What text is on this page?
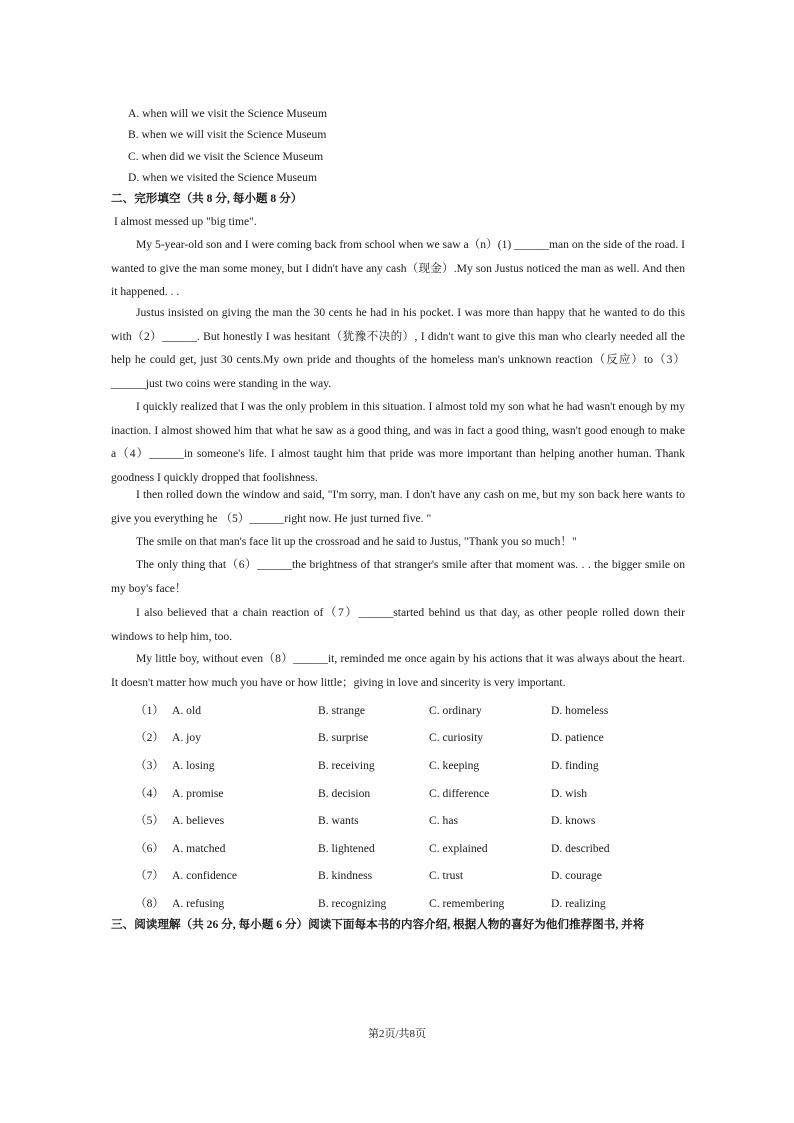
A. when will we visit the Science Museum
B. when we will visit the Science Museum
C. when did we visit the Science Museum
D. when we visited the Science Museum
二、完形填空（共 8 分, 每小题 8 分）

I almost messed up "big time".

My 5-year-old son and I were coming back from school when we saw a（n）(1) ______man on the side of the road. I wanted to give the man some money, but I didn't have any cash（现金）.My son Justus noticed the man as well. And then it happened. . .

Justus insisted on giving the man the 30 cents he had in his pocket. I was more than happy that he wanted to do this with（2）______. But honestly I was hesitant（犹豫不决的）, I didn't want to give this man who clearly needed all the help he could get, just 30 cents.My own pride and thoughts of the homeless man's unknown reaction（反应）to（3）______just two coins were standing in the way.

I quickly realized that I was the only problem in this situation. I almost told my son what he had wasn't enough by my inaction. I almost showed him that what he saw as a good thing, and was in fact a good thing, wasn't good enough to make a（4）______in someone's life. I almost taught him that pride was more important than helping another human. Thank goodness I quickly dropped that foolishness.

I then rolled down the window and said, "I'm sorry, man. I don't have any cash on me, but my son back here wants to give you everything he （5）______right now. He just turned five. "

The smile on that man's face lit up the crossroad and he said to Justus, "Thank you so much！"

The only thing that（6）______the brightness of that stranger's smile after that moment was. . . the bigger smile on my boy's face！

I also believed that a chain reaction of（7）______started behind us that day, as other people rolled down their windows to help him, too.

My little boy, without even（8）______it, reminded me once again by his actions that it was always about the heart. It doesn't matter how much you have or how little；giving in love and sincerity is very important.

（1）	A. old	B. strange	C. ordinary	D. homeless
（2）	A. joy	B. surprise	C. curiosity	D. patience
（3）	A. losing	B. receiving	C. keeping	D. finding
（4）	A. promise	B. decision	C. difference	D. wish
（5）	A. believes	B. wants	C. has	D. knows
（6）	A. matched	B. lightened	C. explained	D. described
（7）	A. confidence	B. kindness	C. trust	D. courage
（8）	A. refusing	B. recognizing	C. remembering	D. realizing
三、阅读理解（共 26 分, 每小题 6 分）阅读下面每本书的内容介绍, 根据人物的喜好为他们推荐图书, 并将
第2页/共8页
